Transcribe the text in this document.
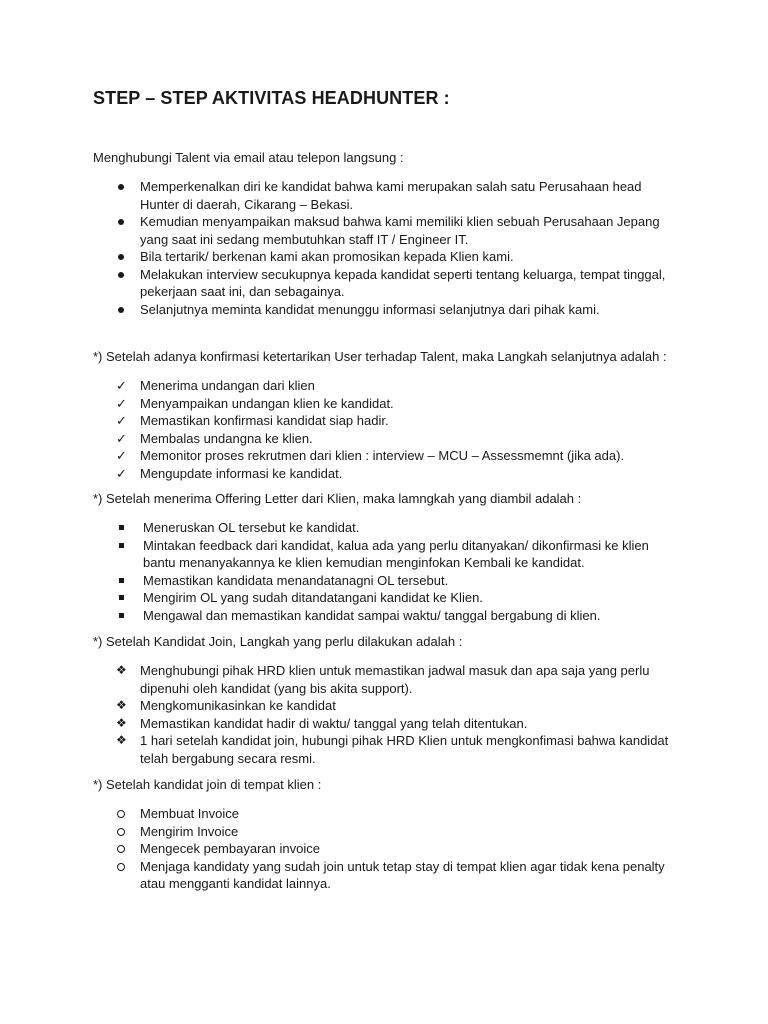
STEP – STEP AKTIVITAS HEADHUNTER :

Menghubungi Talent via email atau telepon langsung :

Memperkenalkan diri ke kandidat bahwa kami merupakan salah satu Perusahaan head Hunter di daerah, Cikarang – Bekasi.
Kemudian menyampaikan maksud bahwa kami memiliki klien sebuah Perusahaan Jepang yang saat ini sedang membutuhkan staff IT / Engineer IT.
Bila tertarik/ berkenan kami akan promosikan kepada Klien kami.
Melakukan interview secukupnya kepada kandidat seperti tentang keluarga, tempat tinggal, pekerjaan saat ini, dan sebagainya.
Selanjutnya meminta kandidat menunggu informasi selanjutnya dari pihak kami.

*) Setelah adanya konfirmasi ketertarikan User terhadap Talent, maka Langkah selanjutnya adalah :

✓	Menerima undangan dari klien
✓	Menyampaikan undangan klien ke kandidat.
✓	Memastikan konfirmasi kandidat siap hadir.
✓	Membalas undangna ke klien.
✓	Memonitor proses rekrutmen dari klien : interview – MCU – Assessmemnt (jika ada).
✓	Mengupdate informasi ke kandidat.

*) Setelah menerima Offering Letter dari Klien, maka lamngkah yang diambil adalah :

Meneruskan OL tersebut ke kandidat.
Mintakan feedback dari kandidat, kalua ada yang perlu ditanyakan/ dikonfirmasi ke klien bantu menanyakannya ke klien kemudian menginfokan Kembali ke kandidat.
Memastikan kandidata menandatanagni OL tersebut.
Mengirim OL yang sudah ditandatangani kandidat ke Klien.
Mengawal dan memastikan kandidat sampai waktu/ tanggal bergabung di klien.

*) Setelah Kandidat Join, Langkah yang perlu dilakukan adalah :

❖	Menghubungi pihak HRD klien untuk memastikan jadwal masuk dan apa saja yang perlu dipenuhi oleh kandidat (yang bis akita support).
❖	Mengkomunikasinkan ke kandidat
❖	Memastikan kandidat hadir di waktu/ tanggal yang telah ditentukan.
❖	1 hari setelah kandidat join, hubungi pihak HRD Klien untuk mengkonfimasi bahwa kandidat telah bergabung secara resmi.

*) Setelah kandidat join di tempat klien :

Membuat Invoice
Mengirim Invoice
Mengecek pembayaran invoice
Menjaga kandidaty yang sudah join untuk tetap stay di tempat klien agar tidak kena penalty atau mengganti kandidat lainnya.
